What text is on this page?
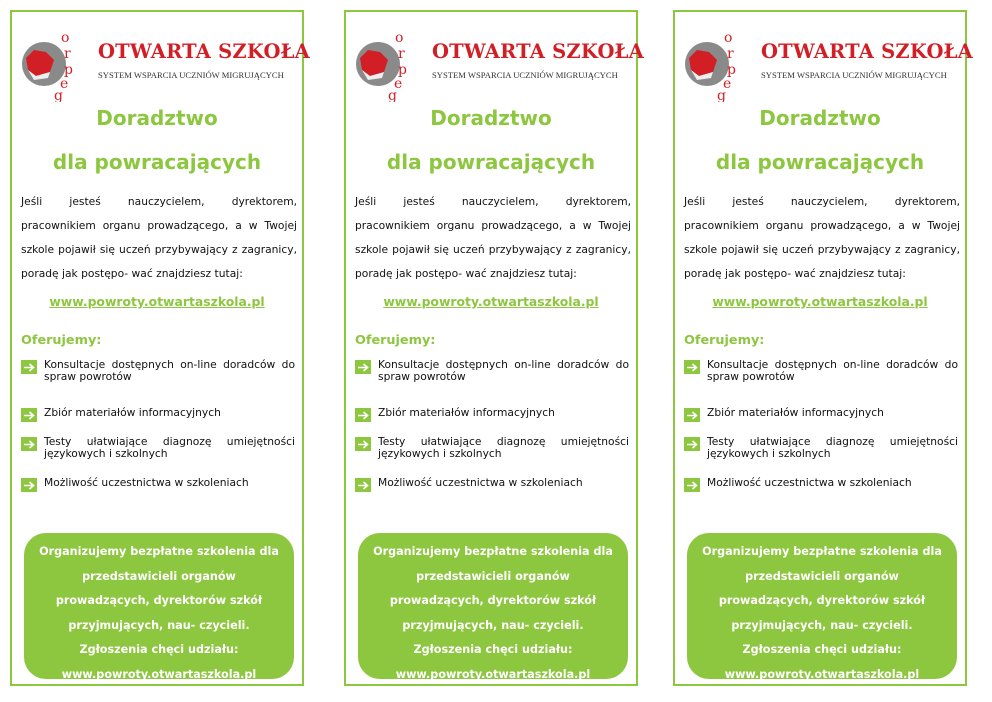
o
r
p
e
g
OTWARTA SZKOŁA
SYSTEM WSPARCIA UCZNIÓW MIGRUJĄCYCH
Doradztwo
dla powracających
Jeśli jesteś nauczycielem, dyrektorem, pracownikiem organu prowadzącego, a w Twojej szkole pojawił się uczeń przybywający z zagranicy, poradę jak postępo- wać znajdziesz tutaj:
www.powroty.otwartaszkola.pl
Oferujemy:
Konsultacje dostępnych on-line doradców do spraw powrotów
Zbiór materiałów informacyjnych
Testy ułatwiające diagnozę umiejętności językowych i szkolnych
Możliwość uczestnictwa w szkoleniach
Organizujemy bezpłatne szkolenia dla przedstawicieli organów prowadzących, dyrektorów szkół przyjmujących, nau- czycieli. Zgłoszenia chęci udziału:
www.powroty.otwartaszkola.pl
o
r
p
e
g
OTWARTA SZKOŁA
SYSTEM WSPARCIA UCZNIÓW MIGRUJĄCYCH
Doradztwo
dla powracających
Jeśli jesteś nauczycielem, dyrektorem, pracownikiem organu prowadzącego, a w Twojej szkole pojawił się uczeń przybywający z zagranicy, poradę jak postępo- wać znajdziesz tutaj:
www.powroty.otwartaszkola.pl
Oferujemy:
Konsultacje dostępnych on-line doradców do spraw powrotów
Zbiór materiałów informacyjnych
Testy ułatwiające diagnozę umiejętności językowych i szkolnych
Możliwość uczestnictwa w szkoleniach
Organizujemy bezpłatne szkolenia dla przedstawicieli organów prowadzących, dyrektorów szkół przyjmujących, nau- czycieli. Zgłoszenia chęci udziału:
www.powroty.otwartaszkola.pl
o
r
p
e
g
OTWARTA SZKOŁA
SYSTEM WSPARCIA UCZNIÓW MIGRUJĄCYCH
Doradztwo
dla powracających
Jeśli jesteś nauczycielem, dyrektorem, pracownikiem organu prowadzącego, a w Twojej szkole pojawił się uczeń przybywający z zagranicy, poradę jak postępo- wać znajdziesz tutaj:
www.powroty.otwartaszkola.pl
Oferujemy:
Konsultacje dostępnych on-line doradców do spraw powrotów
Zbiór materiałów informacyjnych
Testy ułatwiające diagnozę umiejętności językowych i szkolnych
Możliwość uczestnictwa w szkoleniach
Organizujemy bezpłatne szkolenia dla przedstawicieli organów prowadzących, dyrektorów szkół przyjmujących, nau- czycieli. Zgłoszenia chęci udziału:
www.powroty.otwartaszkola.pl
